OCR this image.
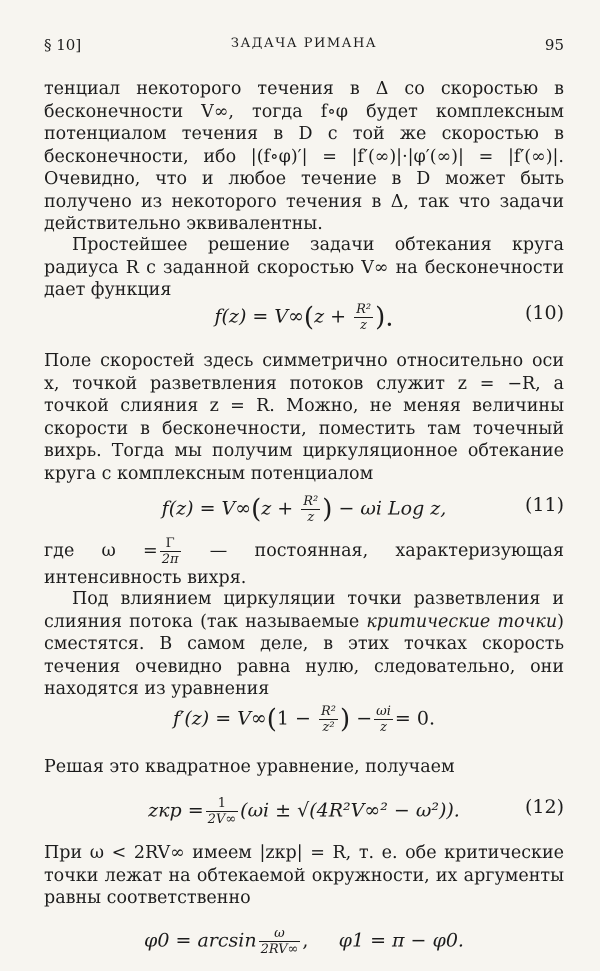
§ 10]	ЗАДАЧА РИМАНА	95
тенциал некоторого течения в Δ со скоростью в бесконечности V∞, тогда f∘φ будет комплексным потенциалом течения в D с той же скоростью в бесконечности, ибо |(f∘φ)′| = |f′(∞)|·|φ′(∞)| = |f′(∞)|. Очевидно, что и любое течение в D может быть получено из некоторого течения в Δ, так что задачи действительно эквивалентны.
Простейшее решение задачи обтекания круга радиуса R с заданной скоростью V∞ на бесконечности дает функция
$f(z) = V\infty(z + \frac{\text{R²}}{z}$ ).	(10)
Поле скоростей здесь симметрично относительно оси x, точкой разветвления потоков служит z = −R, а точкой слияния z = R. Можно, не меняя величины скорости в бесконечности, поместить там точечный вихрь. Тогда мы получим циркуляционное обтекание круга с комплексным потенциалом
$f(z) = V\infty(z + \frac{\text{R²}}{z}$ ) − ωi Log z,	(11)
где $\omega = \frac{\Gamma}{2\pi}$ — постоянная, характеризующая интенсивность вихря.
Под влиянием циркуляции точки разветвления и слияния потока (так называемые критические точки) сместятся. В самом деле, в этих точках скорость течения очевидно равна нулю, следовательно, они находятся из уравнения
$f'(z) = V\infty(1 - \frac{\text{R²}}{\text{z²}}$ ) − $\frac{\omega i}{z} = 0$.
Решая это квадратное уравнение, получаем
zкр = $\frac{1}{2V\infty} (\omega i \pm √(4R^2V\infty^2 - \omega^2))$.	(12)
При ω < 2RV∞ имеем |zкр| = R, т. е. обе критические точки лежат на обтекаемой окружности, их аргументы равны соответственно
$\varphi 0 = \arcsin \frac{\omega}{2RV\infty}$ , φ1 = π − φ0.
